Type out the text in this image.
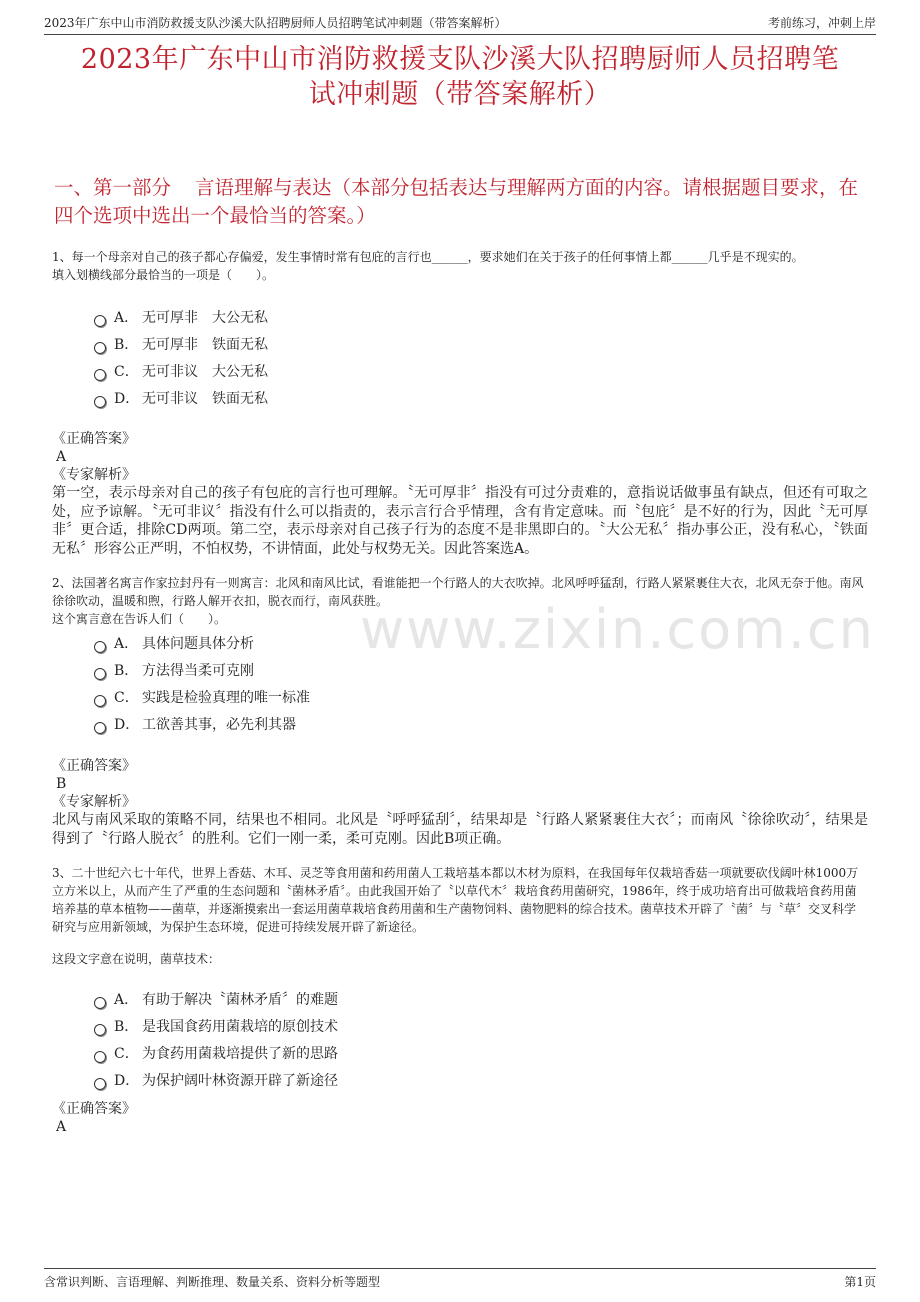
2023年广东中山市消防救援支队沙溪大队招聘厨师人员招聘笔试冲刺题（带答案解析）	考前练习，冲刺上岸
2023年广东中山市消防救援支队沙溪大队招聘厨师人员招聘笔
试冲刺题（带答案解析）
一、第一部分 言语理解与表达（本部分包括表达与理解两方面的内容。请根据题目要求，在四个选项中选出一个最恰当的答案。）
www.zixin.com.cn
1、每一个母亲对自己的孩子都心存偏爱，发生事情时常有包庇的言行也______，要求她们在关于孩子的任何事情上都______几乎是不现实的。
填入划横线部分最恰当的一项是（　　）。
A． 无可厚非　大公无私
B． 无可厚非　铁面无私
C． 无可非议　大公无私
D． 无可非议　铁面无私
《正确答案》
A
《专家解析》
第一空，表示母亲对自己的孩子有包庇的言行也可理解。〝无可厚非〞指没有可过分责难的，意指说话做事虽有缺点，但还有可取之处，应予谅解。〝无可非议〞指没有什么可以指责的，表示言行合乎情理，含有肯定意味。而〝包庇〞是不好的行为，因此〝无可厚非〞更合适，排除CD两项。第二空，表示母亲对自己孩子行为的态度不是非黑即白的。〝大公无私〞指办事公正，没有私心，〝铁面无私〞形容公正严明，不怕权势，不讲情面，此处与权势无关。因此答案选A。
2、法国著名寓言作家拉封丹有一则寓言：北风和南风比试，看谁能把一个行路人的大衣吹掉。北风呼呼猛刮，行路人紧紧裹住大衣，北风无奈于他。南风徐徐吹动，温暖和煦，行路人解开衣扣，脱衣而行，南风获胜。
这个寓言意在告诉人们（　　）。
A． 具体问题具体分析
B． 方法得当柔可克刚
C． 实践是检验真理的唯一标准
D． 工欲善其事，必先利其器
《正确答案》
B
《专家解析》
北风与南风采取的策略不同，结果也不相同。北风是〝呼呼猛刮〞，结果却是〝行路人紧紧裹住大衣〞；而南风〝徐徐吹动〞，结果是得到了〝行路人脱衣〞的胜利。它们一刚一柔，柔可克刚。因此B项正确。
3、二十世纪六七十年代，世界上香菇、木耳、灵芝等食用菌和药用菌人工栽培基本都以木材为原料，在我国每年仅栽培香菇一项就要砍伐阔叶林1000万立方米以上，从而产生了严重的生态问题和〝菌林矛盾〞。由此我国开始了〝以草代木〞栽培食药用菌研究，1986年，终于成功培育出可做栽培食药用菌培养基的草本植物——菌草，并逐渐摸索出一套运用菌草栽培食药用菌和生产菌物饲料、菌物肥料的综合技术。菌草技术开辟了〝菌〞与〝草〞交叉科学研究与应用新领域，为保护生态环境，促进可持续发展开辟了新途径。
这段文字意在说明，菌草技术：
A． 有助于解决〝菌林矛盾〞的难题
B． 是我国食药用菌栽培的原创技术
C． 为食药用菌栽培提供了新的思路
D． 为保护阔叶林资源开辟了新途径
《正确答案》
A
含常识判断、言语理解、判断推理、数量关系、资料分析等题型	第1页
